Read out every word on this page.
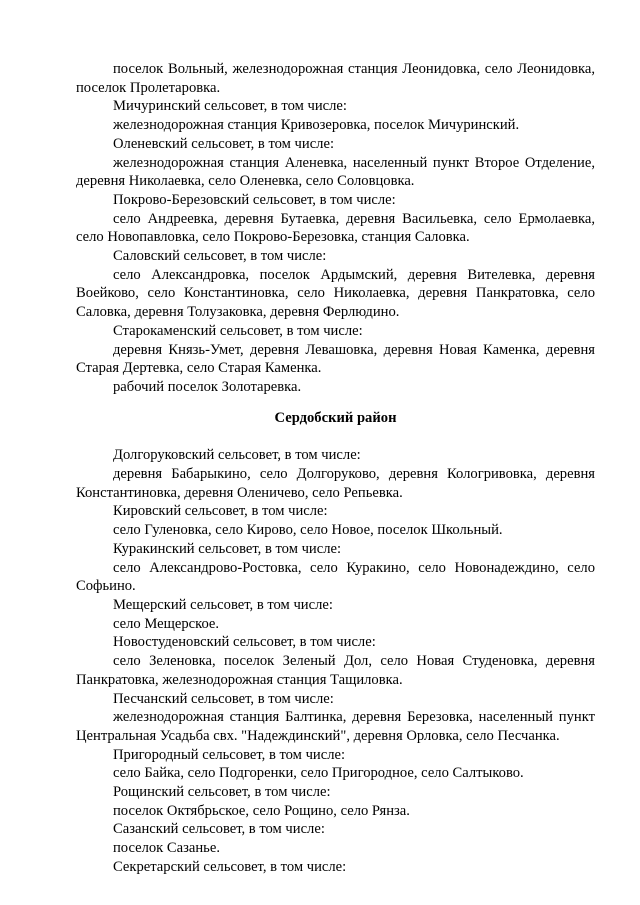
поселок Вольный, железнодорожная станция Леонидовка, село Леонидовка, поселок Пролетаровка.

Мичуринский сельсовет, в том числе:

железнодорожная станция Кривозеровка, поселок Мичуринский.

Оленевский сельсовет, в том числе:

железнодорожная станция Аленевка, населенный пункт Второе Отделение, деревня Николаевка, село Оленевка, село Соловцовка.

Покрово-Березовский сельсовет, в том числе:

село Андреевка, деревня Бутаевка, деревня Васильевка, село Ермолаевка, село Новопавловка, село Покрово-Березовка, станция Саловка.

Саловский сельсовет, в том числе:

село Александровка, поселок Ардымский, деревня Вителевка, деревня Воейково, село Константиновка, село Николаевка, деревня Панкратовка, село Саловка, деревня Толузаковка, деревня Ферлюдино.

Старокаменский сельсовет, в том числе:

деревня Князь-Умет, деревня Левашовка, деревня Новая Каменка, деревня Старая Дертевка, село Старая Каменка.

рабочий поселок Золотаревка.

Сердобский район

Долгоруковский сельсовет, в том числе:

деревня Бабарыкино, село Долгоруково, деревня Кологривовка, деревня Константиновка, деревня Оленичево, село Репьевка.

Кировский сельсовет, в том числе:

село Гуленовка, село Кирово, село Новое, поселок Школьный.

Куракинский сельсовет, в том числе:

село Александрово-Ростовка, село Куракино, село Новонадеждино, село Софьино.

Мещерский сельсовет, в том числе:

село Мещерское.

Новостуденовский сельсовет, в том числе:

село Зеленовка, поселок Зеленый Дол, село Новая Студеновка, деревня Панкратовка, железнодорожная станция Тащиловка.

Песчанский сельсовет, в том числе:

железнодорожная станция Балтинка, деревня Березовка, населенный пункт Центральная Усадьба свх. "Надеждинский", деревня Орловка, село Песчанка.

Пригородный сельсовет, в том числе:

село Байка, село Подгоренки, село Пригородное, село Салтыково.

Рощинский сельсовет, в том числе:

поселок Октябрьское, село Рощино, село Рянза.

Сазанский сельсовет, в том числе:

поселок Сазанье.

Секретарский сельсовет, в том числе:
